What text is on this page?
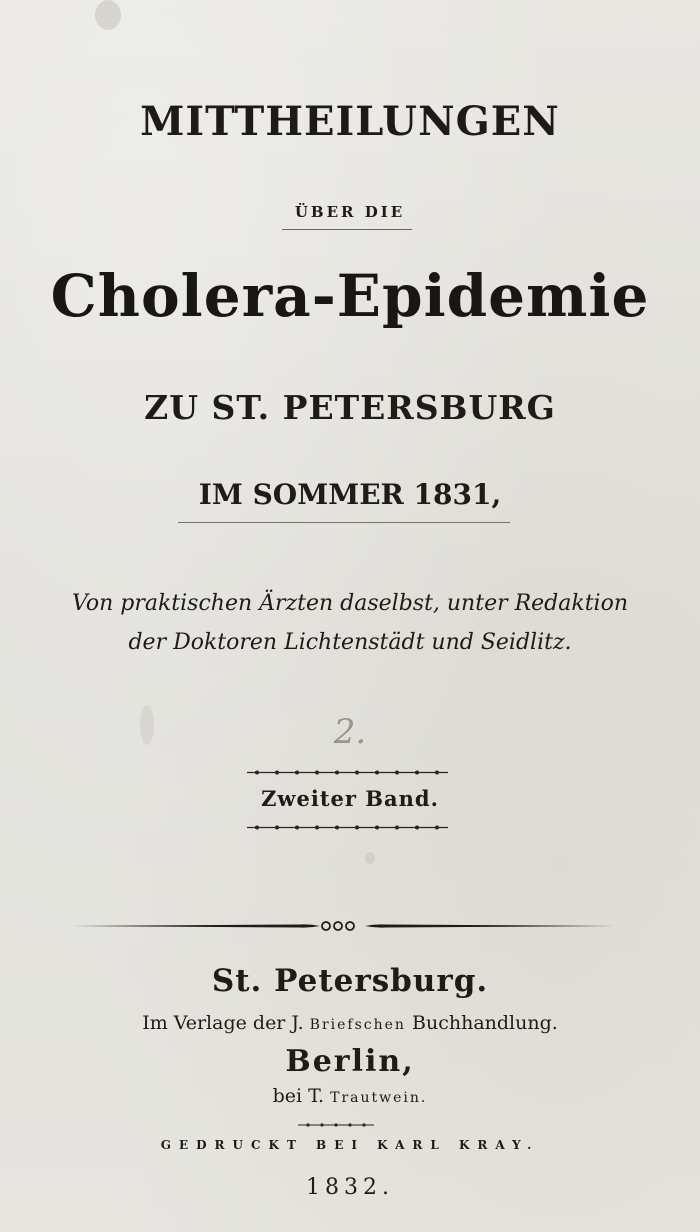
MITTHEILUNGEN
ÜBER DIE
Cholera-Epidemie
ZU ST. PETERSBURG
IM SOMMER 1831,
Von praktischen Ärzten daselbst, unter Redaktion
der Doktoren Lichtenstädt und Seidlitz.
2.
Zweiter Band.
St. Petersburg.
Im Verlage der J. Briefschen Buchhandlung.
Berlin,
bei T. Trautwein.
GEDRUCKT BEI KARL KRAY.
1832.
